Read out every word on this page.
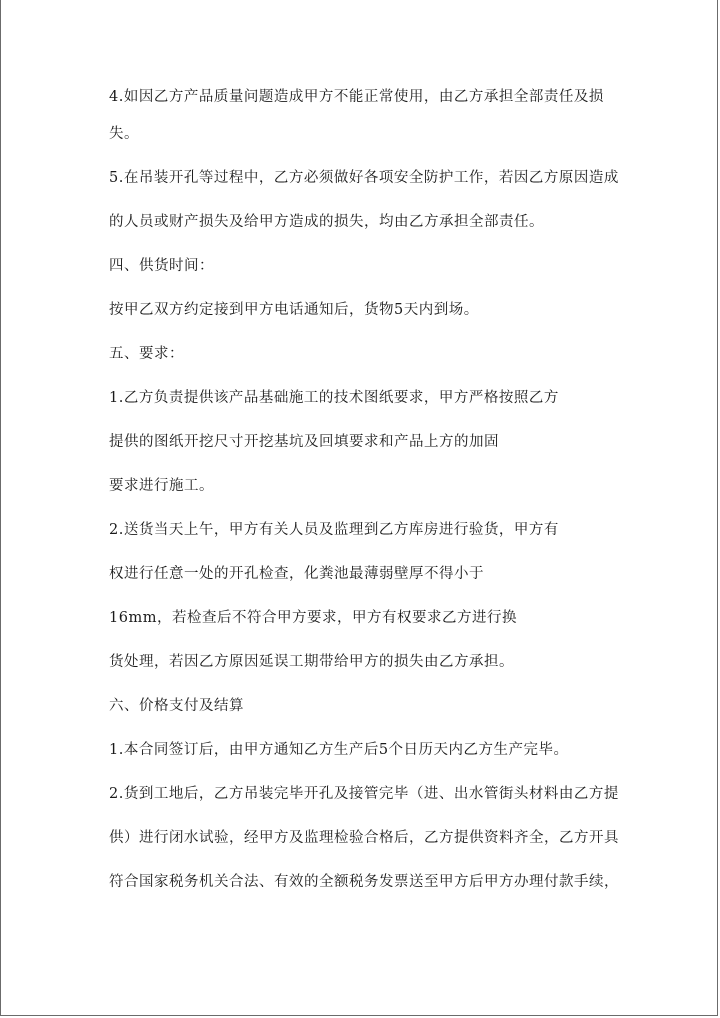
4.如因乙方产品质量问题造成甲方不能正常使用，由乙方承担全部责任及损
失。
5.在吊装开孔等过程中，乙方必须做好各项安全防护工作，若因乙方原因造成
的人员或财产损失及给甲方造成的损失，均由乙方承担全部责任。
四、供货时间：
按甲乙双方约定接到甲方电话通知后，货物5天内到场。
五、要求：
1.乙方负责提供该产品基础施工的技术图纸要求，甲方严格按照乙方
提供的图纸开挖尺寸开挖基坑及回填要求和产品上方的加固
要求进行施工。
2.送货当天上午，甲方有关人员及监理到乙方库房进行验货，甲方有
权进行任意一处的开孔检查，化粪池最薄弱壁厚不得小于
16mm，若检查后不符合甲方要求，甲方有权要求乙方进行换
货处理，若因乙方原因延误工期带给甲方的损失由乙方承担。
六、价格支付及结算
1.本合同签订后，由甲方通知乙方生产后5个日历天内乙方生产完毕。
2.货到工地后，乙方吊装完毕开孔及接管完毕（进、出水管街头材料由乙方提
供）进行闭水试验，经甲方及监理检验合格后，乙方提供资料齐全，乙方开具
符合国家税务机关合法、有效的全额税务发票送至甲方后甲方办理付款手续，
